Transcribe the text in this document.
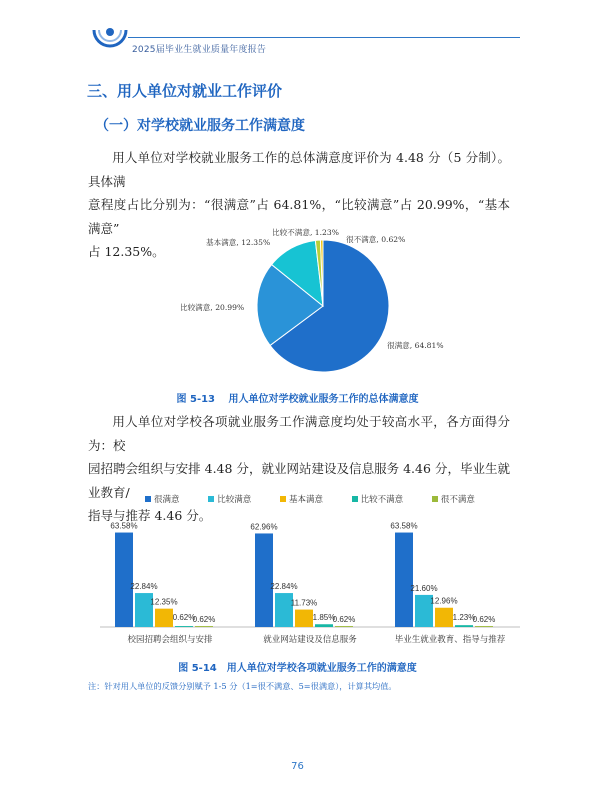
2025届毕业生就业质量年度报告
三、用人单位对就业工作评价
（一）对学校就业服务工作满意度
用人单位对学校就业服务工作的总体满意度评价为 4.48 分（5 分制）。具体满
意程度占比分别为：“很满意”占 64.81%，“比较满意”占 20.99%，“基本满意”
占 12.35%。
很满意, 64.81%
比较满意, 20.99%
基本满意, 12.35%
比较不满意, 1.23%
很不满意, 0.62%
图 5-13　 用人单位对学校就业服务工作的总体满意度
用人单位对学校各项就业服务工作满意度均处于较高水平，各方面得分为：校
园招聘会组织与安排 4.48 分，就业网站建设及信息服务 4.46 分，毕业生就业教育/
指导与推荐 4.46 分。
很满意	比较满意	基本满意	比较不满意	很不满意
63.58%
22.84%
12.35%
0.62%
0.62%
校园招聘会组织与安排
62.96%
22.84%
11.73%
1.85%
0.62%
就业网站建设及信息服务
63.58%
21.60%
12.96%
1.23%
0.62%
毕业生就业教育、指导与推荐
图 5-14　用人单位对学校各项就业服务工作的满意度
注：针对用人单位的反馈分别赋予 1-5 分（1=很不满意、5=很满意），计算其均值。
76
